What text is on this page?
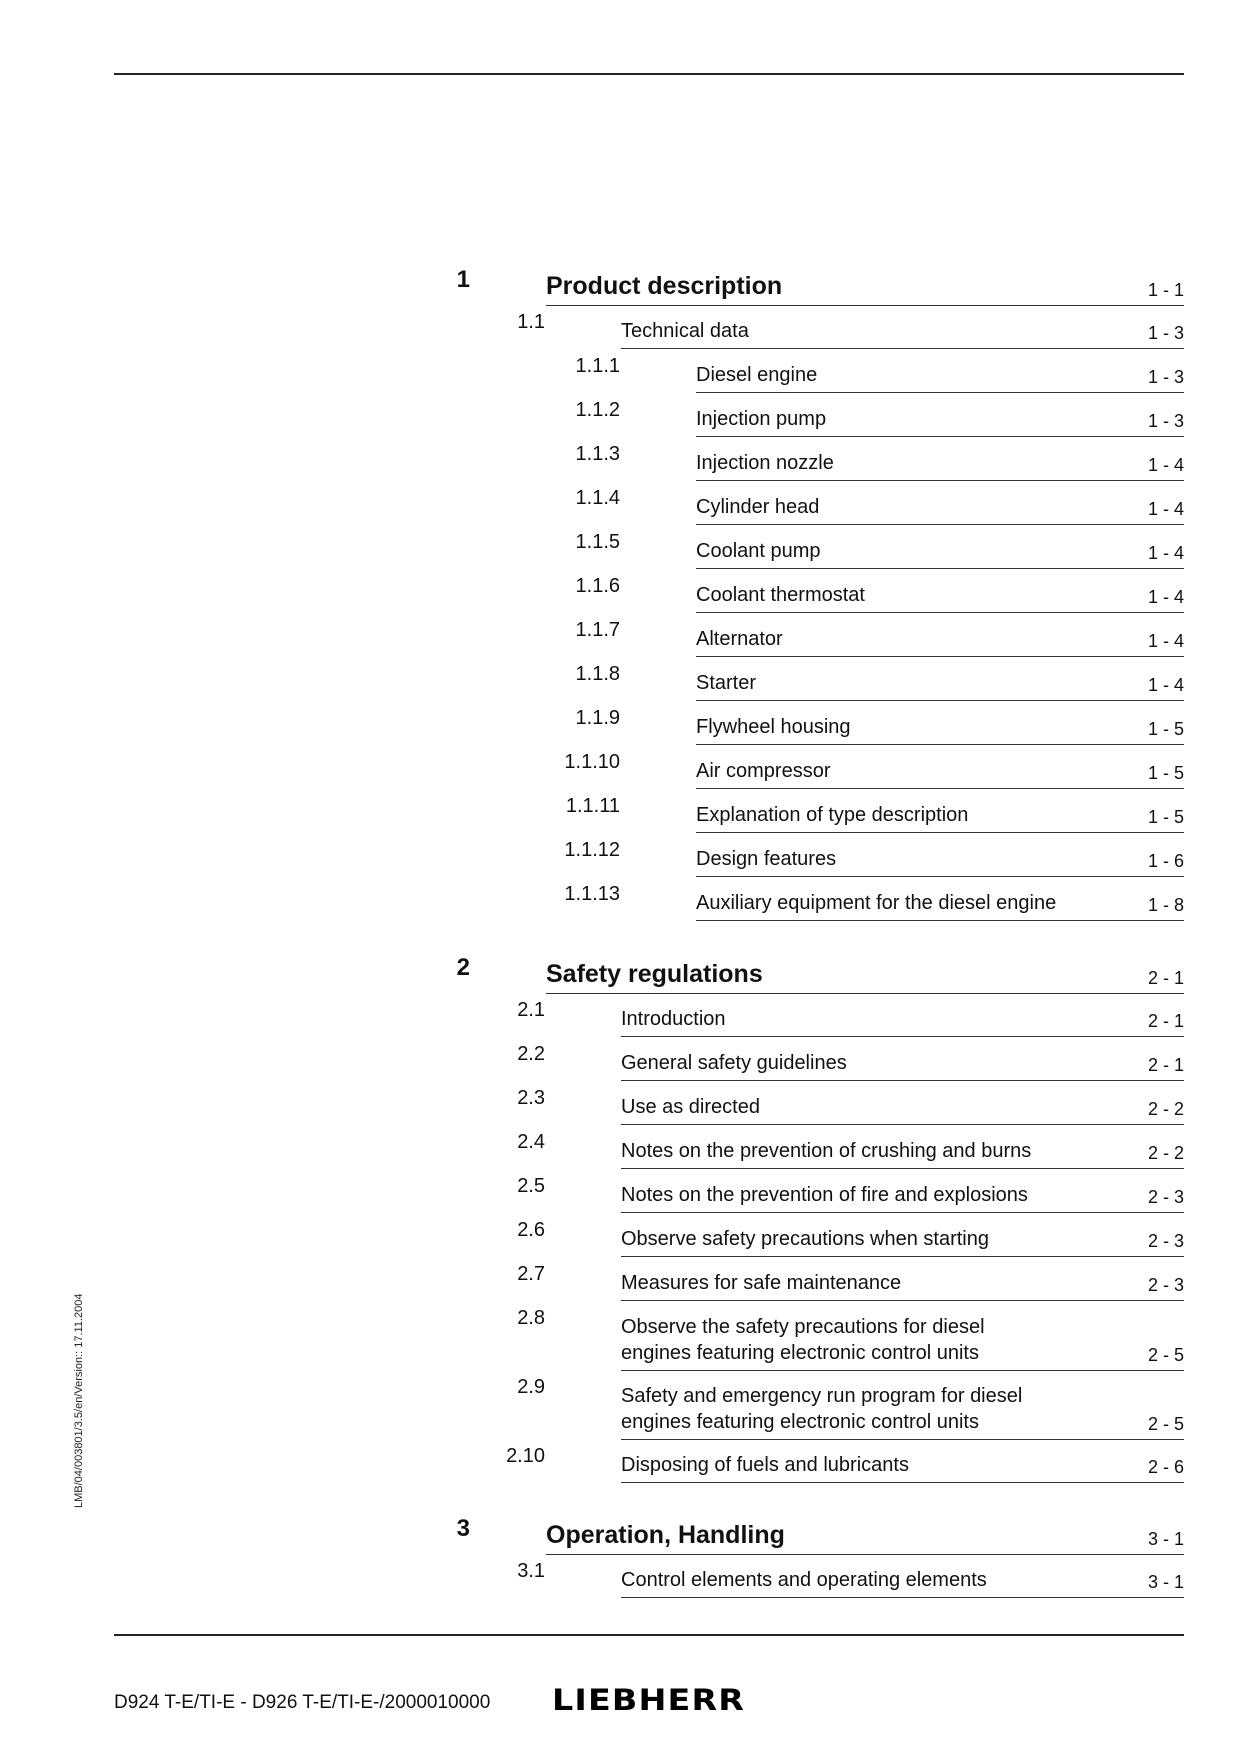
1	Product description	1 - 1
1.1	Technical data	1 - 3
1.1.1	Diesel engine	1 - 3
1.1.2	Injection pump	1 - 3
1.1.3	Injection nozzle	1 - 4
1.1.4	Cylinder head	1 - 4
1.1.5	Coolant pump	1 - 4
1.1.6	Coolant thermostat	1 - 4
1.1.7	Alternator	1 - 4
1.1.8	Starter	1 - 4
1.1.9	Flywheel housing	1 - 5
1.1.10	Air compressor	1 - 5
1.1.11	Explanation of type description	1 - 5
1.1.12	Design features	1 - 6
1.1.13	Auxiliary equipment for the diesel engine	1 - 8
2	Safety regulations	2 - 1
2.1	Introduction	2 - 1
2.2	General safety guidelines	2 - 1
2.3	Use as directed	2 - 2
2.4	Notes on the prevention of crushing and burns	2 - 2
2.5	Notes on the prevention of fire and explosions	2 - 3
2.6	Observe safety precautions when starting	2 - 3
2.7	Measures for safe maintenance	2 - 3
2.8	Observe the safety precautions for diesel
engines featuring electronic control units	2 - 5
2.9	Safety and emergency run program for diesel
engines featuring electronic control units	2 - 5
2.10	Disposing of fuels and lubricants	2 - 6
3	Operation, Handling	3 - 1
3.1	Control elements and operating elements	3 - 1
LMB/04/003801/3.5/en/Version:: 17.11.2004
D924 T-E/TI-E - D926 T-E/TI-E-/2000010000 LIEBHERR
